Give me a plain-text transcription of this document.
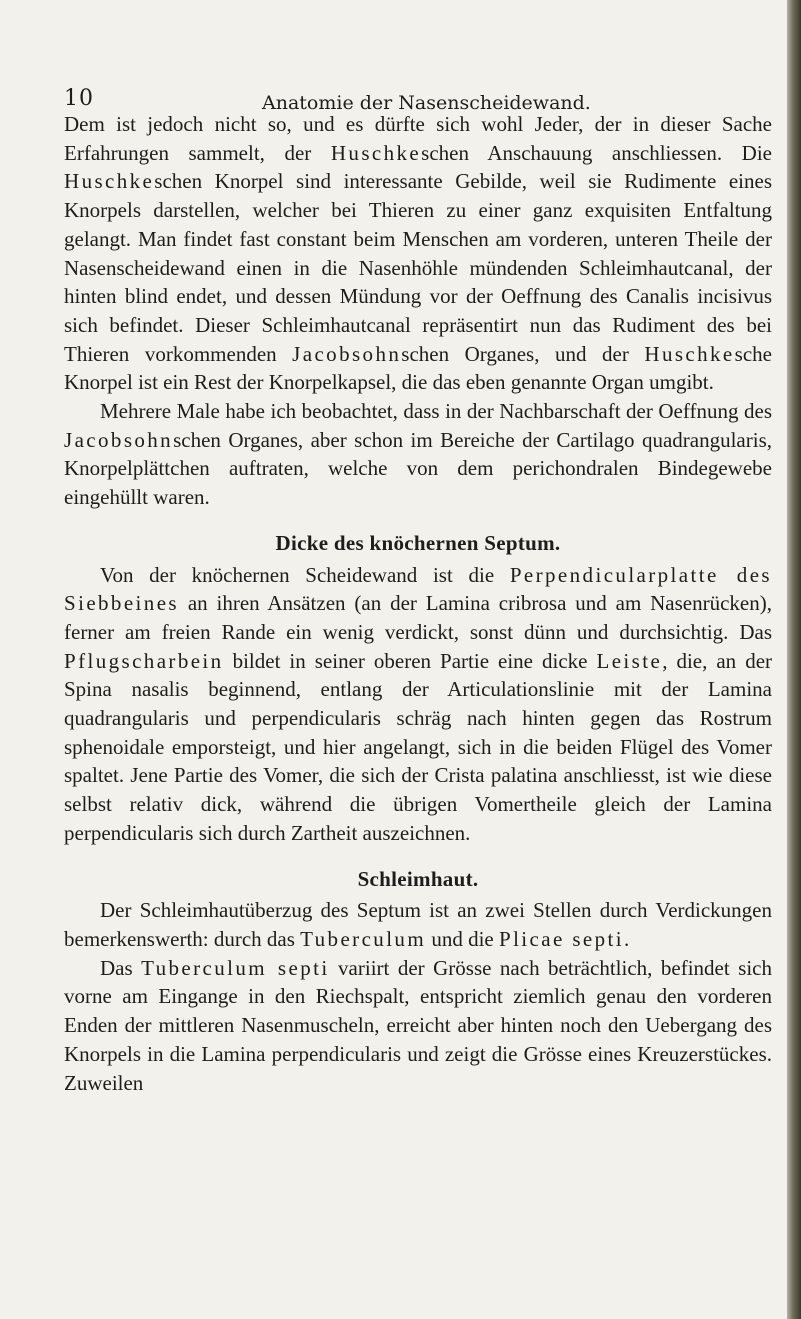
10	Anatomie der Nasenscheidewand.

Dem ist jedoch nicht so, und es dürfte sich wohl Jeder, der in dieser Sache Erfahrungen sammelt, der Huschkeschen Anschauung anschliessen. Die Huschkeschen Knorpel sind interessante Gebilde, weil sie Rudimente eines Knorpels darstellen, welcher bei Thieren zu einer ganz exquisiten Entfaltung gelangt. Man findet fast constant beim Menschen am vorderen, unteren Theile der Nasenscheidewand einen in die Nasenhöhle mündenden Schleimhautcanal, der hinten blind endet, und dessen Mündung vor der Oeffnung des Canalis incisivus sich befindet. Dieser Schleimhautcanal repräsentirt nun das Rudiment des bei Thieren vorkommenden Jacobsohnschen Organes, und der Huschkesche Knorpel ist ein Rest der Knorpelkapsel, die das eben genannte Organ umgibt.

Mehrere Male habe ich beobachtet, dass in der Nachbarschaft der Oeffnung des Jacobsohnschen Organes, aber schon im Bereiche der Cartilago quadrangularis, Knorpelplättchen auftraten, welche von dem perichondralen Bindegewebe eingehüllt waren.

Dicke des knöchernen Septum.

Von der knöchernen Scheidewand ist die Perpendicularplatte des Siebbeines an ihren Ansätzen (an der Lamina cribrosa und am Nasenrücken), ferner am freien Rande ein wenig verdickt, sonst dünn und durchsichtig. Das Pflugscharbein bildet in seiner oberen Partie eine dicke Leiste, die, an der Spina nasalis beginnend, entlang der Articulationslinie mit der Lamina quadrangularis und perpendicularis schräg nach hinten gegen das Rostrum sphenoidale emporsteigt, und hier angelangt, sich in die beiden Flügel des Vomer spaltet. Jene Partie des Vomer, die sich der Crista palatina anschliesst, ist wie diese selbst relativ dick, während die übrigen Vomertheile gleich der Lamina perpendicularis sich durch Zartheit auszeichnen.

Schleimhaut.

Der Schleimhautüberzug des Septum ist an zwei Stellen durch Verdickungen bemerkenswerth: durch das Tuberculum und die Plicae septi.

Das Tuberculum septi variirt der Grösse nach beträchtlich, befindet sich vorne am Eingange in den Riechspalt, entspricht ziemlich genau den vorderen Enden der mittleren Nasenmuscheln, erreicht aber hinten noch den Uebergang des Knorpels in die Lamina perpendicularis und zeigt die Grösse eines Kreuzerstückes. Zuweilen
